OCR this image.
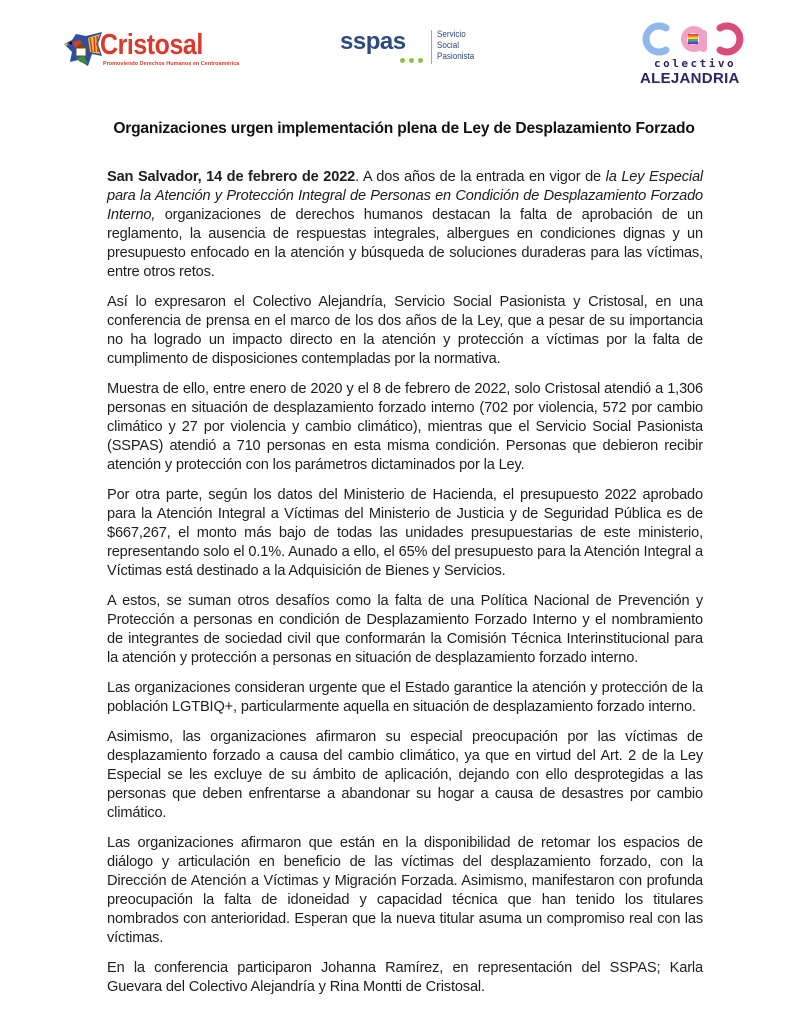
Cristosal
Promoviendo Derechos Humanos en Centroamérica
sspas	Servicio
Social
Pasionista
colectivo
ALEJANDRIA
Organizaciones urgen implementación plena de Ley de Desplazamiento Forzado

San Salvador, 14 de febrero de 2022. A dos años de la entrada en vigor de la Ley Especial para la Atención y Protección Integral de Personas en Condición de Desplazamiento Forzado Interno, organizaciones de derechos humanos destacan la falta de aprobación de un reglamento, la ausencia de respuestas integrales, albergues en condiciones dignas y un presupuesto enfocado en la atención y búsqueda de soluciones duraderas para las víctimas, entre otros retos.

Así lo expresaron el Colectivo Alejandría, Servicio Social Pasionista y Cristosal, en una conferencia de prensa en el marco de los dos años de la Ley, que a pesar de su importancia no ha logrado un impacto directo en la atención y protección a víctimas por la falta de cumplimento de disposiciones contempladas por la normativa.

Muestra de ello, entre enero de 2020 y el 8 de febrero de 2022, solo Cristosal atendió a 1,306 personas en situación de desplazamiento forzado interno (702 por violencia, 572 por cambio climático y 27 por violencia y cambio climático), mientras que el Servicio Social Pasionista (SSPAS) atendió a 710 personas en esta misma condición. Personas que debieron recibir atención y protección con los parámetros dictaminados por la Ley.

Por otra parte, según los datos del Ministerio de Hacienda, el presupuesto 2022 aprobado para la Atención Integral a Víctimas del Ministerio de Justicia y de Seguridad Pública es de $667,267, el monto más bajo de todas las unidades presupuestarias de este ministerio, representando solo el 0.1%. Aunado a ello, el 65% del presupuesto para la Atención Integral a Víctimas está destinado a la Adquisición de Bienes y Servicios.

A estos, se suman otros desafíos como la falta de una Política Nacional de Prevención y Protección a personas en condición de Desplazamiento Forzado Interno y el nombramiento de integrantes de sociedad civil que conformarán la Comisión Técnica Interinstitucional para la atención y protección a personas en situación de desplazamiento forzado interno.

Las organizaciones consideran urgente que el Estado garantice la atención y protección de la población LGTBIQ+, particularmente aquella en situación de desplazamiento forzado interno.

Asimismo, las organizaciones afirmaron su especial preocupación por las víctimas de desplazamiento forzado a causa del cambio climático, ya que en virtud del Art. 2 de la Ley Especial se les excluye de su ámbito de aplicación, dejando con ello desprotegidas a las personas que deben enfrentarse a abandonar su hogar a causa de desastres por cambio climático.

Las organizaciones afirmaron que están en la disponibilidad de retomar los espacios de diálogo y articulación en beneficio de las víctimas del desplazamiento forzado, con la Dirección de Atención a Víctimas y Migración Forzada. Asimismo, manifestaron con profunda preocupación la falta de idoneidad y capacidad técnica que han tenido los titulares nombrados con anterioridad. Esperan que la nueva titular asuma un compromiso real con las víctimas.

En la conferencia participaron Johanna Ramírez, en representación del SSPAS; Karla Guevara del Colectivo Alejandría y Rina Montti de Cristosal.
